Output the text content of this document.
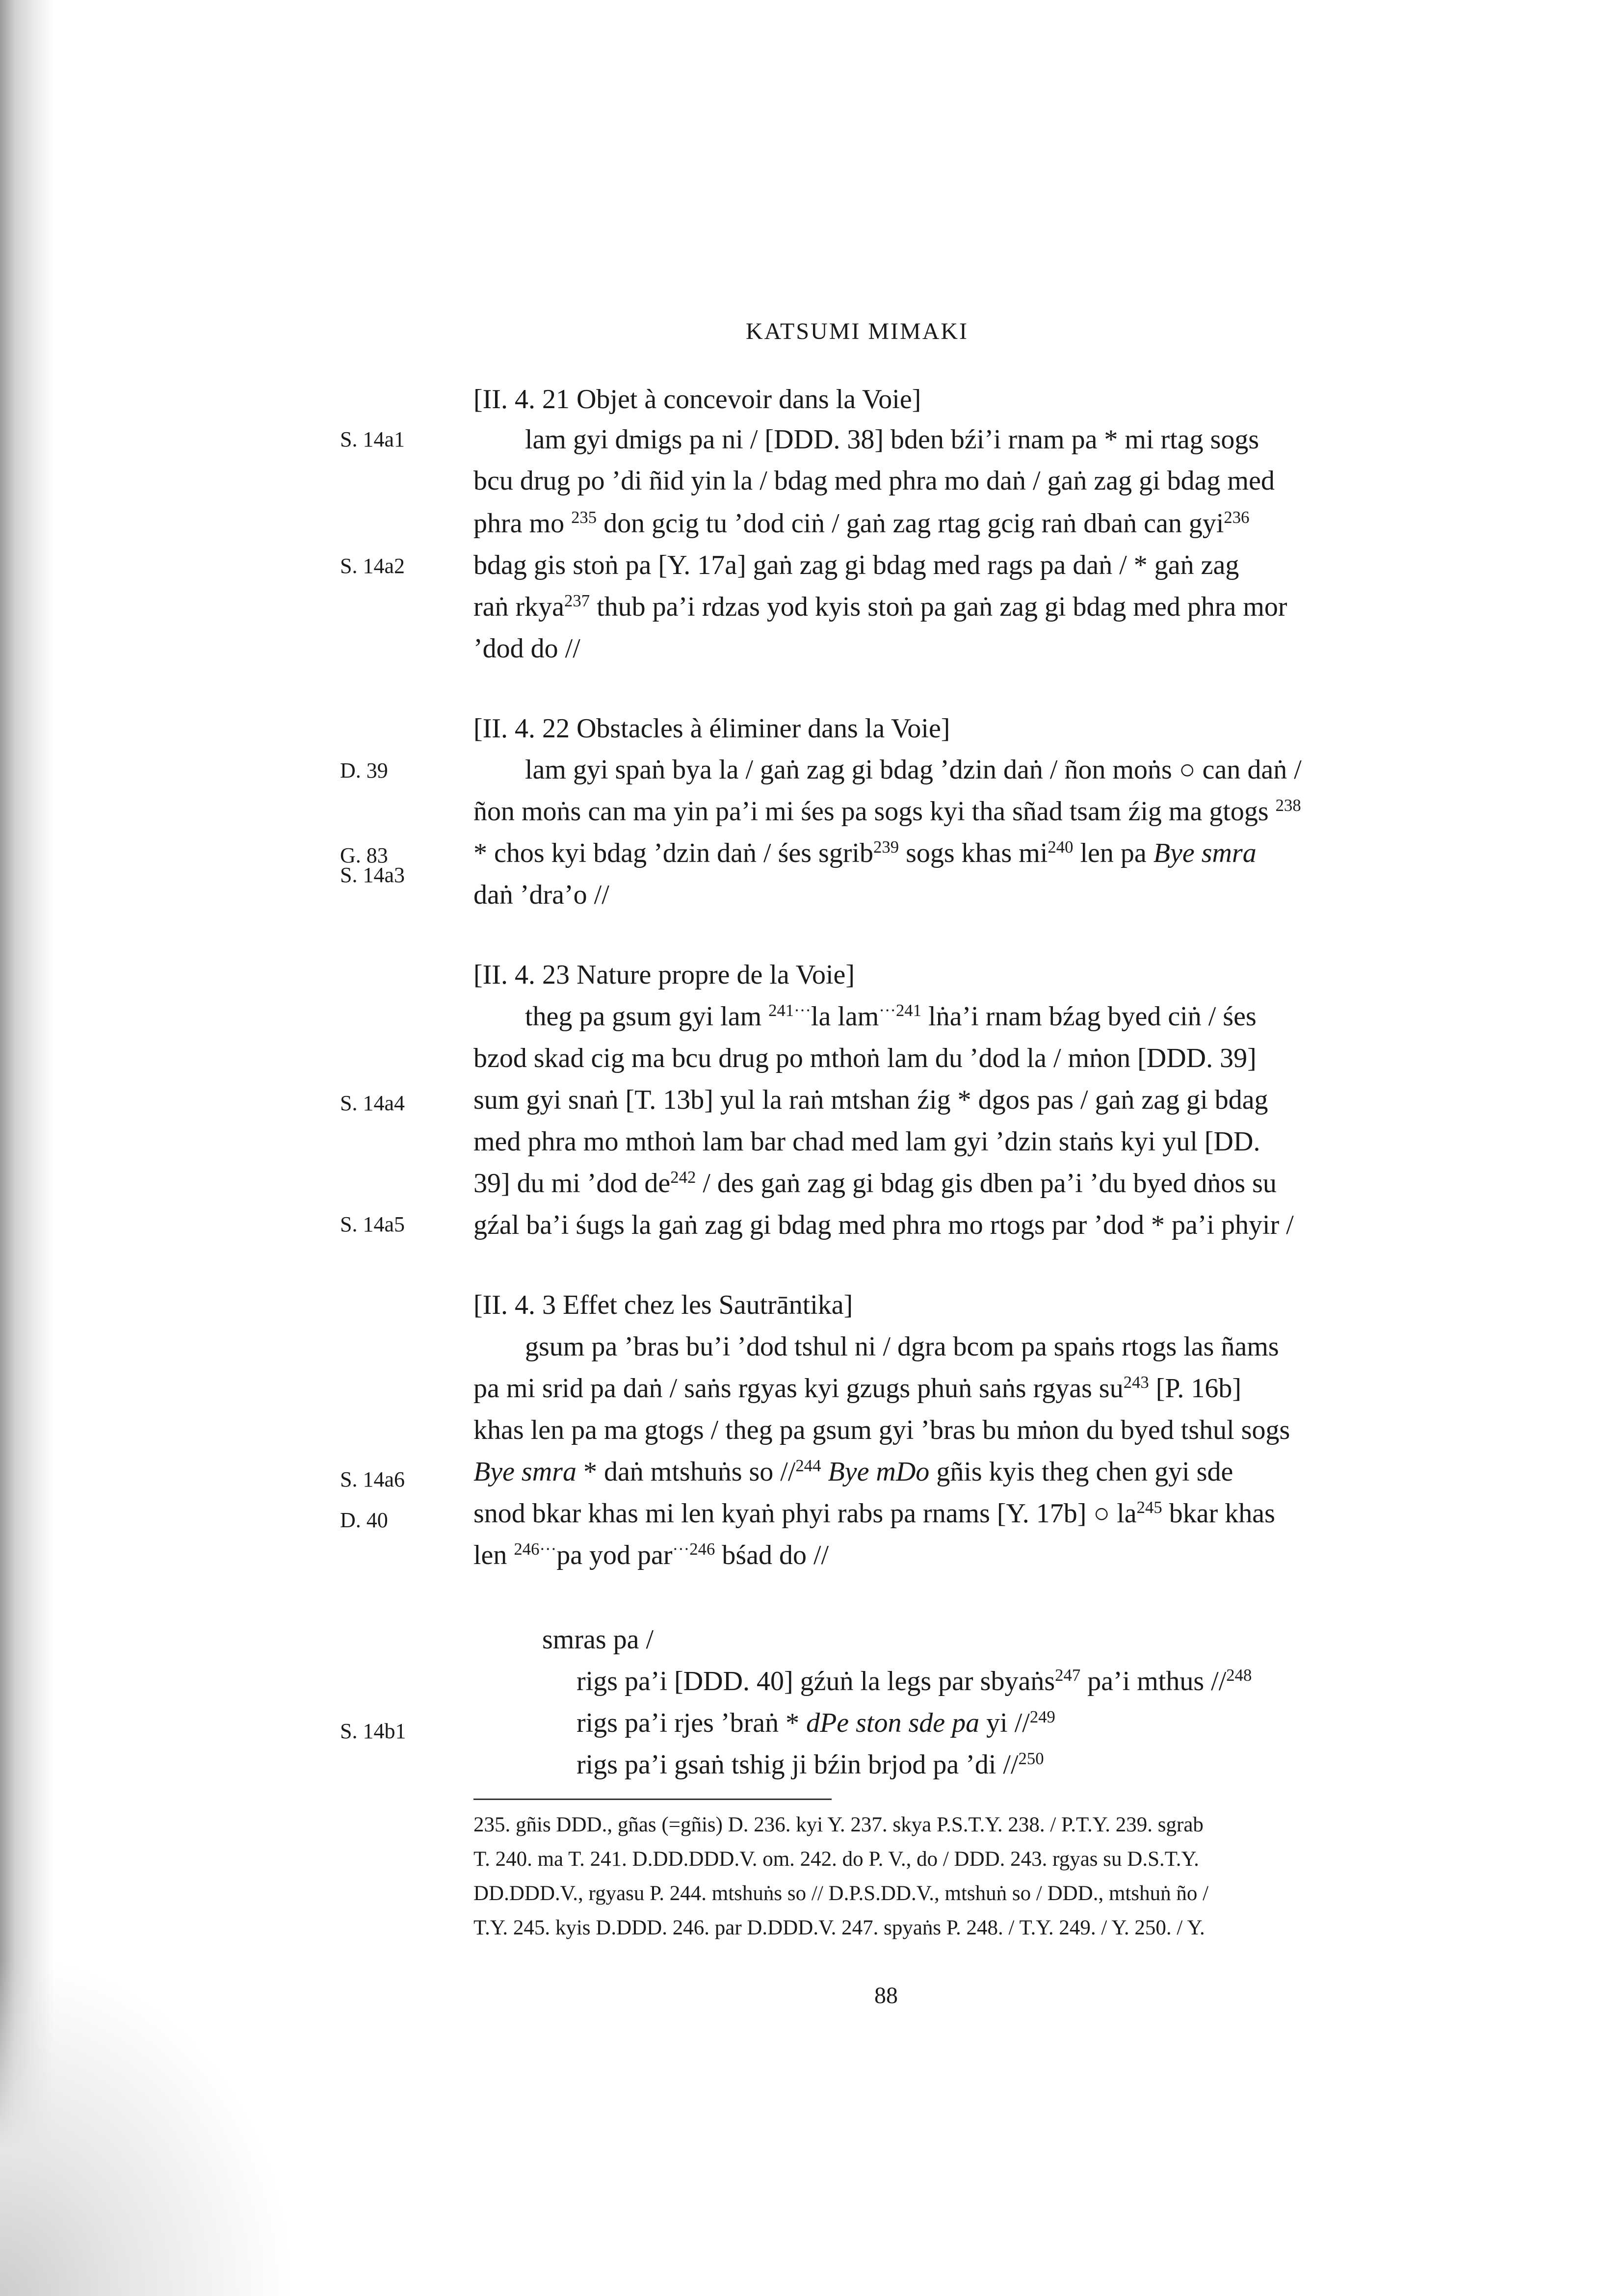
KATSUMI MIMAKI
S. 14a1
S. 14a2
D. 39
G. 83
S. 14a3
S. 14a4
S. 14a5
S. 14a6
D. 40
S. 14b1
[II. 4. 21 Objet à concevoir dans la Voie]
lam gyi dmigs pa ni / [DDD. 38] bden bźi’i rnam pa * mi rtag sogs
bcu drug po ’di ñid yin la / bdag med phra mo daṅ / gaṅ zag gi bdag med
phra mo $^{235}$ don gcig tu ’dod ciṅ / gaṅ zag rtag gcig raṅ dbaṅ can gyi$^{236}$
bdag gis stoṅ pa [Y. 17a] gaṅ zag gi bdag med rags pa daṅ / * gaṅ zag
raṅ rkya$^{237}$ thub pa’i rdzas yod kyis stoṅ pa gaṅ zag gi bdag med phra mor
’dod do //
[II. 4. 22 Obstacles à éliminer dans la Voie]
lam gyi spaṅ bya la / gaṅ zag gi bdag ’dzin daṅ / ñon moṅs ○ can daṅ /
ñon moṅs can ma yin pa’i mi śes pa sogs kyi tha sñad tsam źig ma gtogs $^{238}$
* chos kyi bdag ’dzin daṅ / śes sgrib$^{239}$ sogs khas $mi^{240}$ len pa Bye smra
daṅ ’dra’o //
[II. 4. 23 Nature propre de la Voie]
theg pa gsum gyi lam $^{241\cdot\cdot\cdot}$la lam$^{\cdot\cdot\cdot 241}$ lṅa’i rnam bźag byed ciṅ / śes
bzod skad cig ma bcu drug po mthoṅ lam du ’dod la / mṅon [DDD. 39]
sum gyi snaṅ [T. 13b] yul la raṅ mtshan źig * dgos pas / gaṅ zag gi bdag
med phra mo mthoṅ lam bar chad med lam gyi ’dzin staṅs kyi yul [DD.
39] du mi ’dod $de^{242}$ / des gaṅ zag gi bdag gis dben pa’i ’du byed dṅos su
gźal ba’i śugs la gaṅ zag gi bdag med phra mo rtogs par ’dod * pa’i phyir /
[II. 4. 3 Effet chez les Sautrāntika]
gsum pa ’bras bu’i ’dod tshul ni / dgra bcom pa spaṅs rtogs las ñams
pa mi srid pa daṅ / saṅs rgyas kyi gzugs phuṅ saṅs rgyas $su^{243}$ [P. 16b]
khas len pa ma gtogs / theg pa gsum gyi ’bras bu mṅon du byed tshul sogs
Bye smra * daṅ mtshuṅs so //$^{244}$ Bye mDo gñis kyis theg chen gyi sde
snod bkar khas mi len kyaṅ phyi rabs pa rnams [Y. 17b] ○ $la^{245}$ bkar khas
len $^{246\cdot\cdot\cdot}$pa yod par$^{\cdot\cdot\cdot 246}$ bśad do //
smras pa /
rigs pa’i [DDD. 40] gźuṅ la legs par sbyaṅs$^{247}$ pa’i mthus //$^{248}$
rigs pa’i rjes ’braṅ * dPe ston sde pa yi //$^{249}$
rigs pa’i gsaṅ tshig ji bźin brjod pa ’di //$^{250}$
235. gñis DDD., gñas (=gñis) D. 236. kyi Y. 237. skya P.S.T.Y. 238. / P.T.Y. 239. sgrab
T. 240. ma T. 241. D.DD.DDD.V. om. 242. do P. V., do / DDD. 243. rgyas su D.S.T.Y.
DD.DDD.V., rgyasu P. 244. mtshuṅs so // D.P.S.DD.V., mtshuṅ so / DDD., mtshuṅ ño /
T.Y. 245. kyis D.DDD. 246. par D.DDD.V. 247. spyaṅs P. 248. / T.Y. 249. / Y. 250. / Y.
88
